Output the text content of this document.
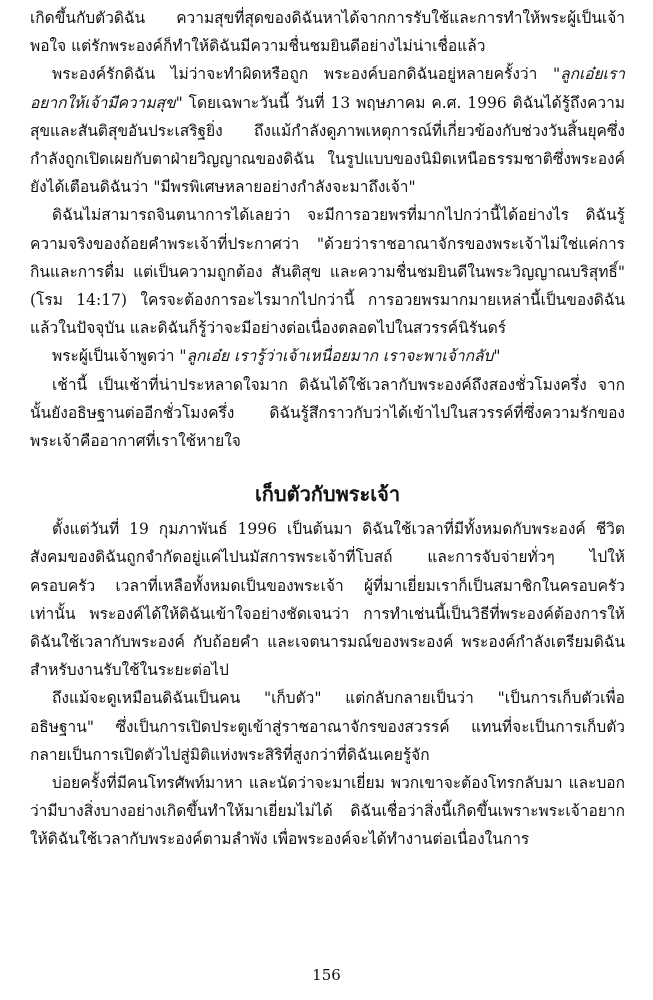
เกิดขึ้นกับตัวดิฉัน ความสุขที่สุดของดิฉันหาได้จากการรับใช้และการทำให้พระผู้เป็นเจ้าพอใจ แต่รักพระองค์ก็ทำให้ดิฉันมีความชื่นชมยินดีอย่างไม่น่าเชื่อแล้ว

พระองค์รักดิฉัน ไม่ว่าจะทำผิดหรือถูก พระองค์บอกดิฉันอยู่หลายครั้งว่า "ลูกเอ๋ยเราอยากให้เจ้ามีความสุข" โดยเฉพาะวันนี้ วันที่ 13 พฤษภาคม ค.ศ. 1996 ดิฉันได้รู้ถึงความสุขและสันติสุขอันประเสริฐยิ่ง ถึงแม้กำลังดูภาพเหตุการณ์ที่เกี่ยวข้องกับช่วงวันสิ้นยุคซึ่งกำลังถูกเปิดเผยกับตาฝ่ายวิญญาณของดิฉัน ในรูปแบบของนิมิตเหนือธรรมชาติซึ่งพระองค์ยังได้เตือนดิฉันว่า "มีพรพิเศษหลายอย่างกำลังจะมาถึงเจ้า"

ดิฉันไม่สามารถจินตนาการได้เลยว่า จะมีการอวยพรที่มากไปกว่านี้ได้อย่างไร ดิฉันรู้ความจริงของถ้อยคำพระเจ้าที่ประกาศว่า "ด้วยว่าราชอาณาจักรของพระเจ้าไม่ใช่แค่การกินและการดื่ม แต่เป็นความถูกต้อง สันติสุข และความชื่นชมยินดีในพระวิญญาณบริสุทธิ์" (โรม 14:17) ใครจะต้องการอะไรมากไปกว่านี้ การอวยพรมากมายเหล่านี้เป็นของดิฉันแล้วในปัจจุบัน และดิฉันก็รู้ว่าจะมีอย่างต่อเนื่องตลอดไปในสวรรค์นิรันดร์

พระผู้เป็นเจ้าพูดว่า "ลูกเอ๋ย เรารู้ว่าเจ้าเหนื่อยมาก เราจะพาเจ้ากลับ"

เช้านี้ เป็นเช้าที่น่าประหลาดใจมาก ดิฉันได้ใช้เวลากับพระองค์ถึงสองชั่วโมงครึ่ง จากนั้นยังอธิษฐานต่ออีกชั่วโมงครึ่ง ดิฉันรู้สึกราวกับว่าได้เข้าไปในสวรรค์ที่ซึ่งความรักของพระเจ้าคืออากาศที่เราใช้หายใจ

เก็บตัวกับพระเจ้า

ตั้งแต่วันที่ 19 กุมภาพันธ์ 1996 เป็นต้นมา ดิฉันใช้เวลาที่มีทั้งหมดกับพระองค์ ชีวิตสังคมของดิฉันถูกจำกัดอยู่แค่ไปนมัสการพระเจ้าที่โบสถ์ และการจับจ่ายทั่วๆ ไปให้ครอบครัว เวลาที่เหลือทั้งหมดเป็นของพระเจ้า ผู้ที่มาเยี่ยมเราก็เป็นสมาชิกในครอบครัวเท่านั้น พระองค์ได้ให้ดิฉันเข้าใจอย่างชัดเจนว่า การทำเช่นนี้เป็นวิธีที่พระองค์ต้องการให้ดิฉันใช้เวลากับพระองค์ กับถ้อยคำ และเจตนารมณ์ของพระองค์ พระองค์กำลังเตรียมดิฉันสำหรับงานรับใช้ในระยะต่อไป

ถึงแม้จะดูเหมือนดิฉันเป็นคน "เก็บตัว" แต่กลับกลายเป็นว่า "เป็นการเก็บตัวเพื่ออธิษฐาน" ซึ่งเป็นการเปิดประตูเข้าสู่ราชอาณาจักรของสวรรค์ แทนที่จะเป็นการเก็บตัวกลายเป็นการเปิดตัวไปสู่มิติแห่งพระสิริที่สูงกว่าที่ดิฉันเคยรู้จัก

บ่อยครั้งที่มีคนโทรศัพท์มาหา และนัดว่าจะมาเยี่ยม พวกเขาจะต้องโทรกลับมา และบอกว่ามีบางสิ่งบางอย่างเกิดขึ้นทำให้มาเยี่ยมไม่ได้ ดิฉันเชื่อว่าสิ่งนี้เกิดขึ้นเพราะพระเจ้าอยากให้ดิฉันใช้เวลากับพระองค์ตามลำพัง เพื่อพระองค์จะได้ทำงานต่อเนื่องในการ

156
